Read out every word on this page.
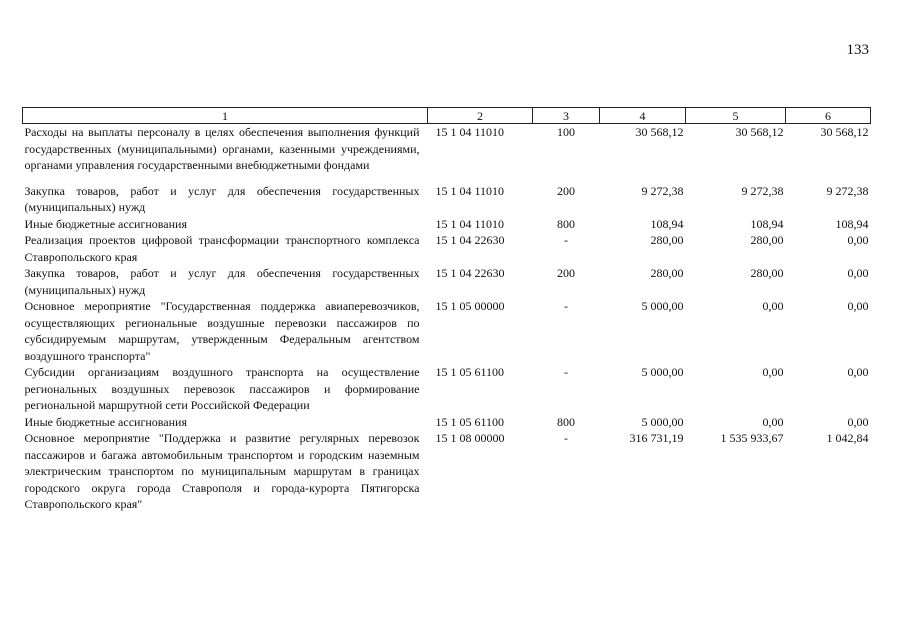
133
1	2	3	4	5	6
Расходы на выплаты персоналу в целях обеспечения выполнения функций государственных (муниципальными) органами, казенными учреждениями, органами управления государственными внебюджетными фондами	15 1 04 11010	100	30 568,12	30 568,12	30 568,12
Закупка товаров, работ и услуг для обеспечения государственных (муниципальных) нужд	15 1 04 11010	200	9 272,38	9 272,38	9 272,38
Иные бюджетные ассигнования	15 1 04 11010	800	108,94	108,94	108,94
Реализация проектов цифровой трансформации транспортного комплекса Ставропольского края	15 1 04 22630	-	280,00	280,00	0,00
Закупка товаров, работ и услуг для обеспечения государственных (муниципальных) нужд	15 1 04 22630	200	280,00	280,00	0,00
Основное мероприятие "Государственная поддержка авиаперевозчиков, осуществляющих региональные воздушные перевозки пассажиров по субсидируемым маршрутам, утвержденным Федеральным агентством воздушного транспорта"	15 1 05 00000	-	5 000,00	0,00	0,00
Субсидии организациям воздушного транспорта на осуществление региональных воздушных перевозок пассажиров и формирование региональной маршрутной сети Российской Федерации	15 1 05 61100	-	5 000,00	0,00	0,00
Иные бюджетные ассигнования	15 1 05 61100	800	5 000,00	0,00	0,00
Основное мероприятие "Поддержка и развитие регулярных перевозок пассажиров и багажа автомобильным транспортом и городским наземным электрическим транспортом по муниципальным маршрутам в границах городского округа города Ставрополя и города-курорта Пятигорска Ставропольского края"	15 1 08 00000	-	316 731,19	1 535 933,67	1 042,84
